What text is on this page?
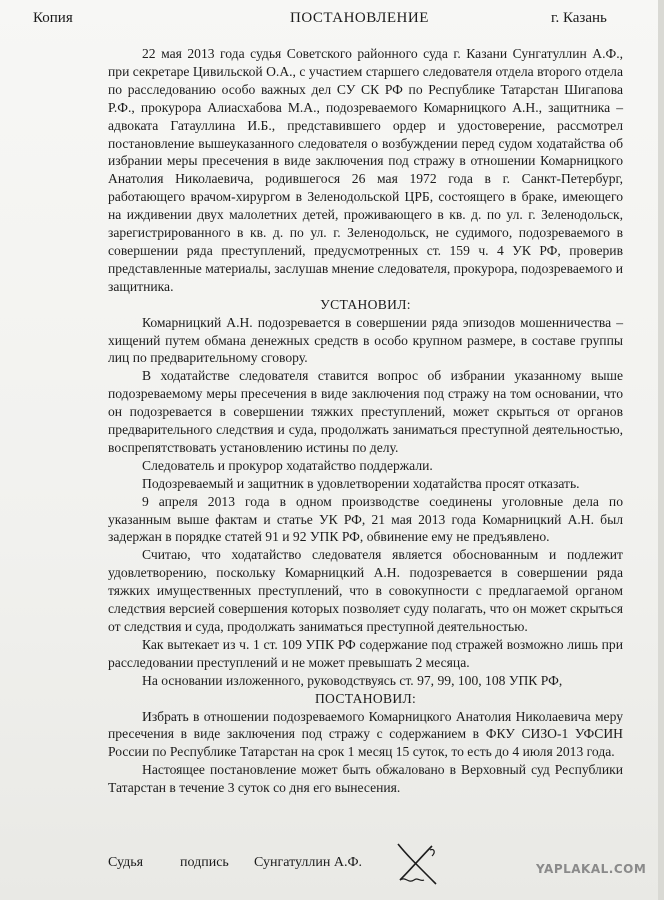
Копия	ПОСТАНОВЛЕНИЕ	г. Казань

22 мая 2013 года судья Советского районного суда г. Казани Сунгатуллин А.Ф., при секретаре Цивильской О.А., с участием старшего следователя отдела второго отдела по расследованию особо важных дел СУ СК РФ по Республике Татарстан Шигапова Р.Ф., прокурора Алиасхабова М.А., подозреваемого Комарницкого А.Н., защитника – адвоката Гатауллина И.Б., представившего ордер и удостоверение, рассмотрел постановление вышеуказанного следователя о возбуждении перед судом ходатайства об избрании меры пресечения в виде заключения под стражу в отношении Комарницкого Анатолия Николаевича, родившегося 26 мая 1972 года в г. Санкт-Петербург, работающего врачом-хирургом в Зеленодольской ЦРБ, состоящего в браке, имеющего на иждивении двух малолетних детей, проживающего в кв. д. по ул. г. Зеленодольск, зарегистрированного в кв. д. по ул. г. Зеленодольск, не судимого, подозреваемого в совершении ряда преступлений, предусмотренных ст. 159 ч. 4 УК РФ, проверив представленные материалы, заслушав мнение следователя, прокурора, подозреваемого и защитника.

УСТАНОВИЛ:

Комарницкий А.Н. подозревается в совершении ряда эпизодов мошенничества – хищений путем обмана денежных средств в особо крупном размере, в составе группы лиц по предварительному сговору.

В ходатайстве следователя ставится вопрос об избрании указанному выше подозреваемому меры пресечения в виде заключения под стражу на том основании, что он подозревается в совершении тяжких преступлений, может скрыться от органов предварительного следствия и суда, продолжать заниматься преступной деятельностью, воспрепятствовать установлению истины по делу.

Следователь и прокурор ходатайство поддержали.

Подозреваемый и защитник в удовлетворении ходатайства просят отказать.

9 апреля 2013 года в одном производстве соединены уголовные дела по указанным выше фактам и статье УК РФ, 21 мая 2013 года Комарницкий А.Н. был задержан в порядке статей 91 и 92 УПК РФ, обвинение ему не предъявлено.

Считаю, что ходатайство следователя является обоснованным и подлежит удовлетворению, поскольку Комарницкий А.Н. подозревается в совершении ряда тяжких имущественных преступлений, что в совокупности с предлагаемой органом следствия версией совершения которых позволяет суду полагать, что он может скрыться от следствия и суда, продолжать заниматься преступной деятельностью.

Как вытекает из ч. 1 ст. 109 УПК РФ содержание под стражей возможно лишь при расследовании преступлений и не может превышать 2 месяца.

На основании изложенного, руководствуясь ст. 97, 99, 100, 108 УПК РФ,

ПОСТАНОВИЛ:

Избрать в отношении подозреваемого Комарницкого Анатолия Николаевича меру пресечения в виде заключения под стражу с содержанием в ФКУ СИЗО-1 УФСИН России по Республике Татарстан на срок 1 месяц 15 суток, то есть до 4 июля 2013 года.

Настоящее постановление может быть обжаловано в Верховный суд Республики Татарстан в течение 3 суток со дня его вынесения.

Судья	подпись Сунгатуллин А.Ф.	YAPLAKAL.COM
